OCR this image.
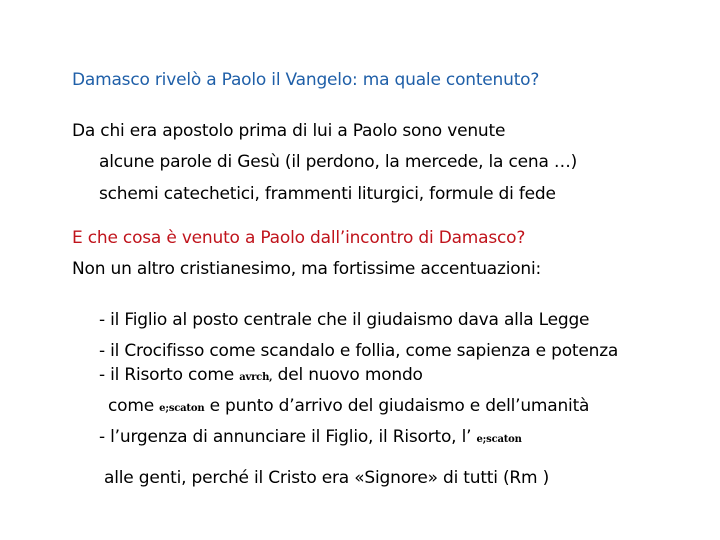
Damasco rivelò a Paolo il Vangelo: ma quale contenuto?
Da chi era apostolo prima di lui a Paolo sono venute
alcune parole di Gesù (il perdono, la mercede, la cena …)
schemi catechetici, frammenti liturgici, formule di fede
E che cosa è venuto a Paolo dall’incontro di Damasco?
Non un altro cristianesimo, ma fortissime accentuazioni:
- il Figlio al posto centrale che il giudaismo dava alla Legge
- il Crocifisso come scandalo e follia, come sapienza e potenza
- il Risorto come avrch, del nuovo mondo
come e;scaton e punto d’arrivo del giudaismo e dell’umanità
- l’urgenza di annunciare il Figlio, il Risorto, l’ e;scaton
alle genti, perché il Cristo era «Signore» di tutti (Rm )
